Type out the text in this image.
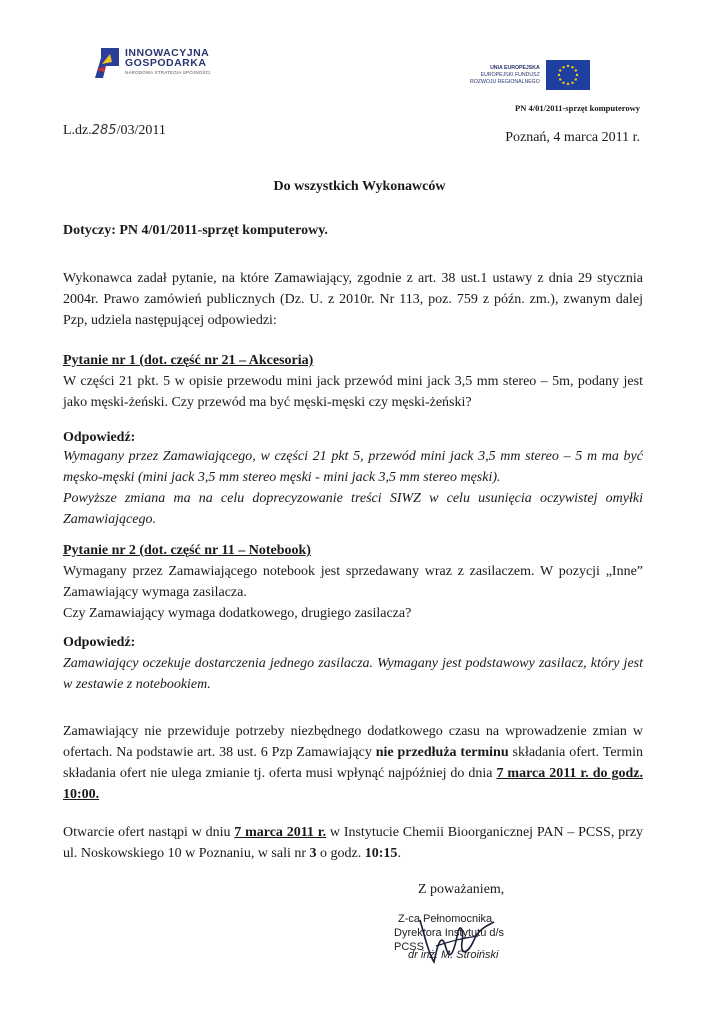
INNOWACYJNA
GOSPODARKA
NARODOWA STRATEGIA SPÓJNOŚCI
UNIA EUROPEJSKA
EUROPEJSKI FUNDUSZ
ROZWOJU REGIONALNEGO
PN 4/01/2011-sprzęt komputerowy
L.dz.285/03/2011	Poznań, 4 marca 2011 r.
Do wszystkich Wykonawców
Dotyczy: PN 4/01/2011-sprzęt komputerowy.
Wykonawca zadał pytanie, na które Zamawiający, zgodnie z art. 38 ust.1 ustawy z dnia 29 stycznia 2004r. Prawo zamówień publicznych (Dz. U. z 2010r. Nr 113, poz. 759 z późn. zm.), zwanym dalej Pzp, udziela następującej odpowiedzi:
Pytanie nr 1 (dot. część nr 21 – Akcesoria)
W części 21 pkt. 5 w opisie przewodu mini jack przewód mini jack 3,5 mm stereo – 5m, podany jest jako męski-żeński. Czy przewód ma być męski-męski czy męski-żeński?
Odpowiedź:
Wymagany przez Zamawiającego, w części 21 pkt 5, przewód mini jack 3,5 mm stereo – 5 m ma być męsko-męski (mini jack 3,5 mm stereo męski - mini jack 3,5 mm stereo męski).
Powyższe zmiana ma na celu doprecyzowanie treści SIWZ w celu usunięcia oczywistej omyłki Zamawiającego.
Pytanie nr 2 (dot. część nr 11 – Notebook)
Wymagany przez Zamawiającego notebook jest sprzedawany wraz z zasilaczem. W pozycji „Inne” Zamawiający wymaga zasilacza.
Czy Zamawiający wymaga dodatkowego, drugiego zasilacza?
Odpowiedź:
Zamawiający oczekuje dostarczenia jednego zasilacza. Wymagany jest podstawowy zasilacz, który jest w zestawie z notebookiem.
Zamawiający nie przewiduje potrzeby niezbędnego dodatkowego czasu na wprowadzenie zmian w ofertach. Na podstawie art. 38 ust. 6 Pzp Zamawiający nie przedłuża terminu składania ofert. Termin składania ofert nie ulega zmianie tj. oferta musi wpłynąć najpóźniej do dnia 7 marca 2011 r. do godz. 10:00.
Otwarcie ofert nastąpi w dniu 7 marca 2011 r. w Instytucie Chemii Bioorganicznej PAN – PCSS, przy ul. Noskowskiego 10 w Poznaniu, w sali nr 3 o godz. 10:15.
Z poważaniem,
Z-ca Pełnomocnika
Dyrektora Instytutu d/s PCSS
dr inż. M. Stroiński
